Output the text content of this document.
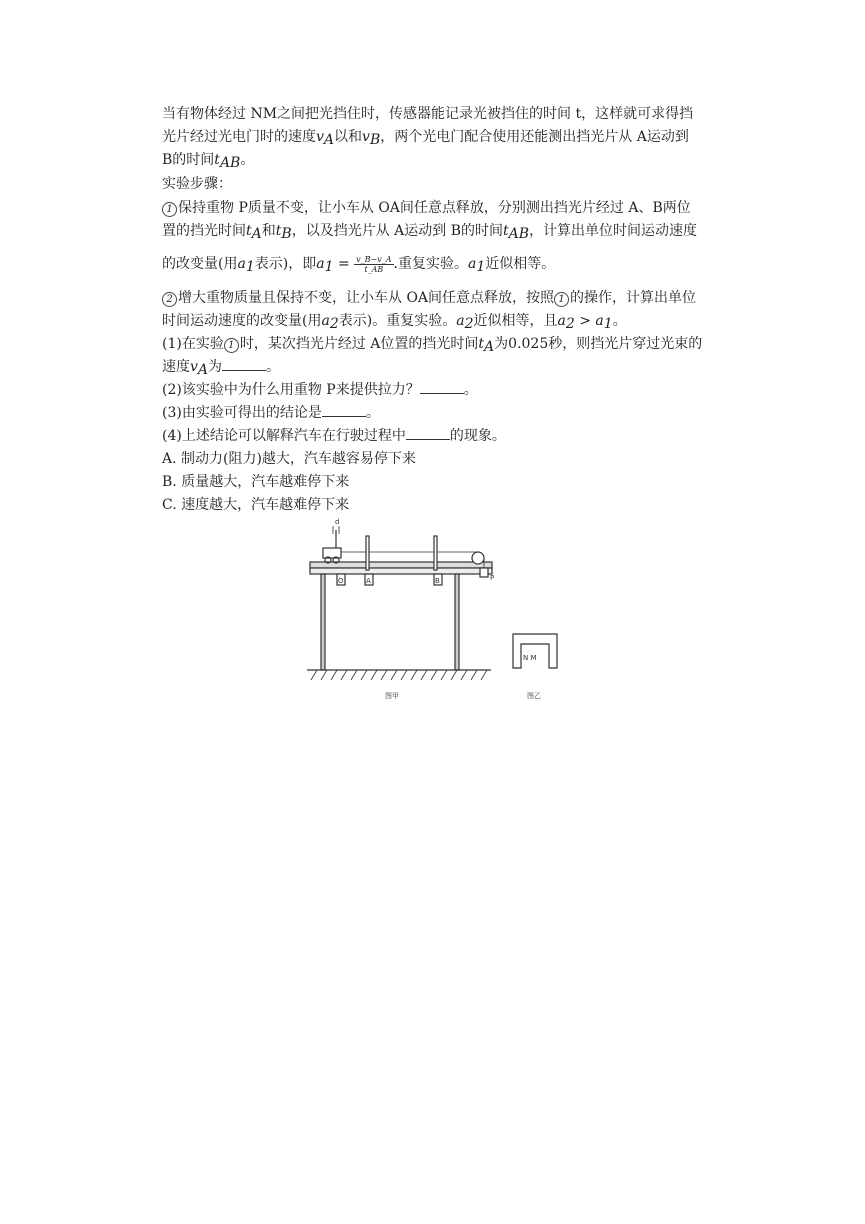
当有物体经过 NM之间把光挡住时，传感器能记录光被挡住的时间 t，这样就可求得挡
光片经过光电门时的速度$v_A$以和$v_B$，两个光电门配合使用还能测出挡光片从 A运动到
B的时间$t_{AB}$。
实验步骤：
1 保持重物 P质量不变，让小车从 OA间任意点释放，分别测出挡光片经过 A、B两位
置的挡光时间$t_A$和$t_B$，以及挡光片从 A运动到 B的时间$t_{AB}$，计算出单位时间运动速度
的改变量(用$a_1$表示)，即$a_1 = \frac{v\_B-v\_A}{t\_AB}$ .重复实验。$a_1$近似相等。
2 增大重物质量且保持不变，让小车从 OA间任意点释放，按照 1 的操作，计算出单位
时间运动速度的改变量(用$a_2$表示)。重复实验。$a_2$近似相等，且$a_2 > a_1$。
(1)在实验 1 时，某次挡光片经过 A位置的挡光时间$t_A$为0.025秒，则挡光片穿过光束的
速度$v_A$为	。
(2)该实验中为什么用重物 P来提供拉力？	。
(3)由实验可得出的结论是	。
(4)上述结论可以解释汽车在行驶过程中	的现象。
A. 制动力(阻力)越大，汽车越容易停下来
B. 质量越大，汽车越难停下来
C. 速度越大，汽车越难停下来
d
O	A	B	P
N M
图甲	图乙
